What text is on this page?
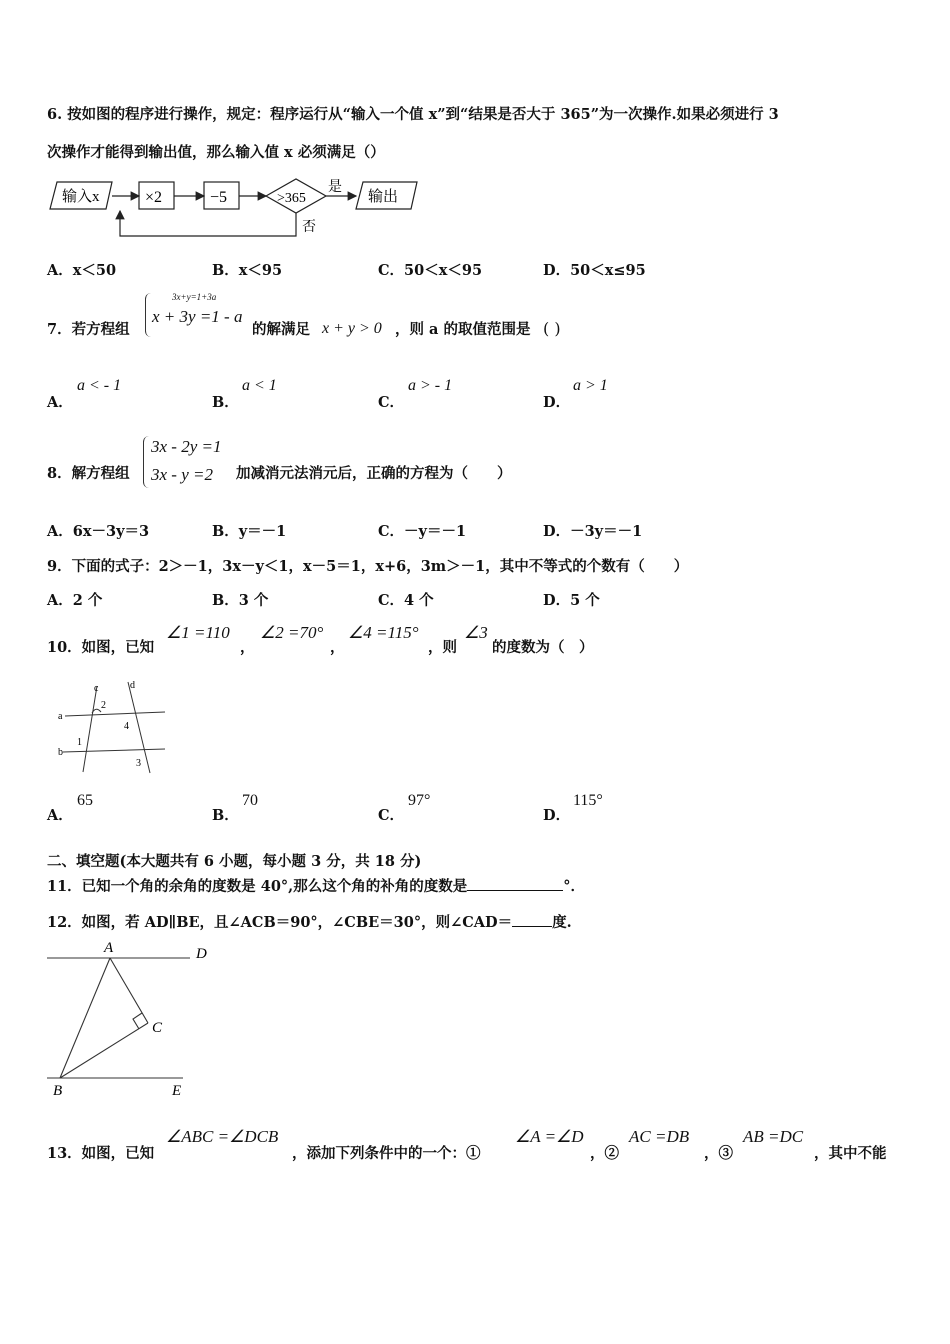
6. 按如图的程序进行操作，规定：程序运行从“输入一个值 x”到“结果是否大于 365”为一次操作.如果必须进行 3
次操作才能得到输出值，那么输入值 x 必须满足（）
输入x	×2	−5	>365
是
否
输出
A．x＜50	B．x＜95	C．50＜x＜95	D．50＜x≤95
7．若方程组
3x+y=1+3a
x + 3y =1 - a
的解满足 x + y > 0 ，则 a 的取值范围是 ( )
A．
a < - 1
B．
a < 1
C．
a > - 1
D．
a > 1
8．解方程组
3x - 2y =1
3x - y =2 加减消元法消元后，正确的方程为（　　）
A．6x－3y＝3	B．y＝－1	C．－y＝－1	D．－3y＝－1
9．下面的式子：2＞－1，3x－y＜1，x－5＝1，x+6，3m＞－1，其中不等式的个数有（　　）
A．2 个	B．3 个	C．4 个	D．5 个
10．如图，已知
∠1 =110
，
∠2 =70°
，
∠4 =115°
，则
∠3
的度数为（　）
c	d
a
b
1
2
3
4
A．
65
B．
70
C．
97°
D．
115°
二、填空题(本大题共有 6 小题，每小题 3 分，共 18 分)
11．已知一个角的余角的度数是 40°,那么这个角的补角的度数是	°．
12．如图，若 AD∥BE，且∠ACB＝90°，∠CBE＝30°，则∠CAD＝	度.
A	D
C
B	E
13．如图，已知
∠ABC =∠DCB
，添加下列条件中的一个：①
∠A =∠D
，②
AC =DB
，③
AB =DC
，其中不能
